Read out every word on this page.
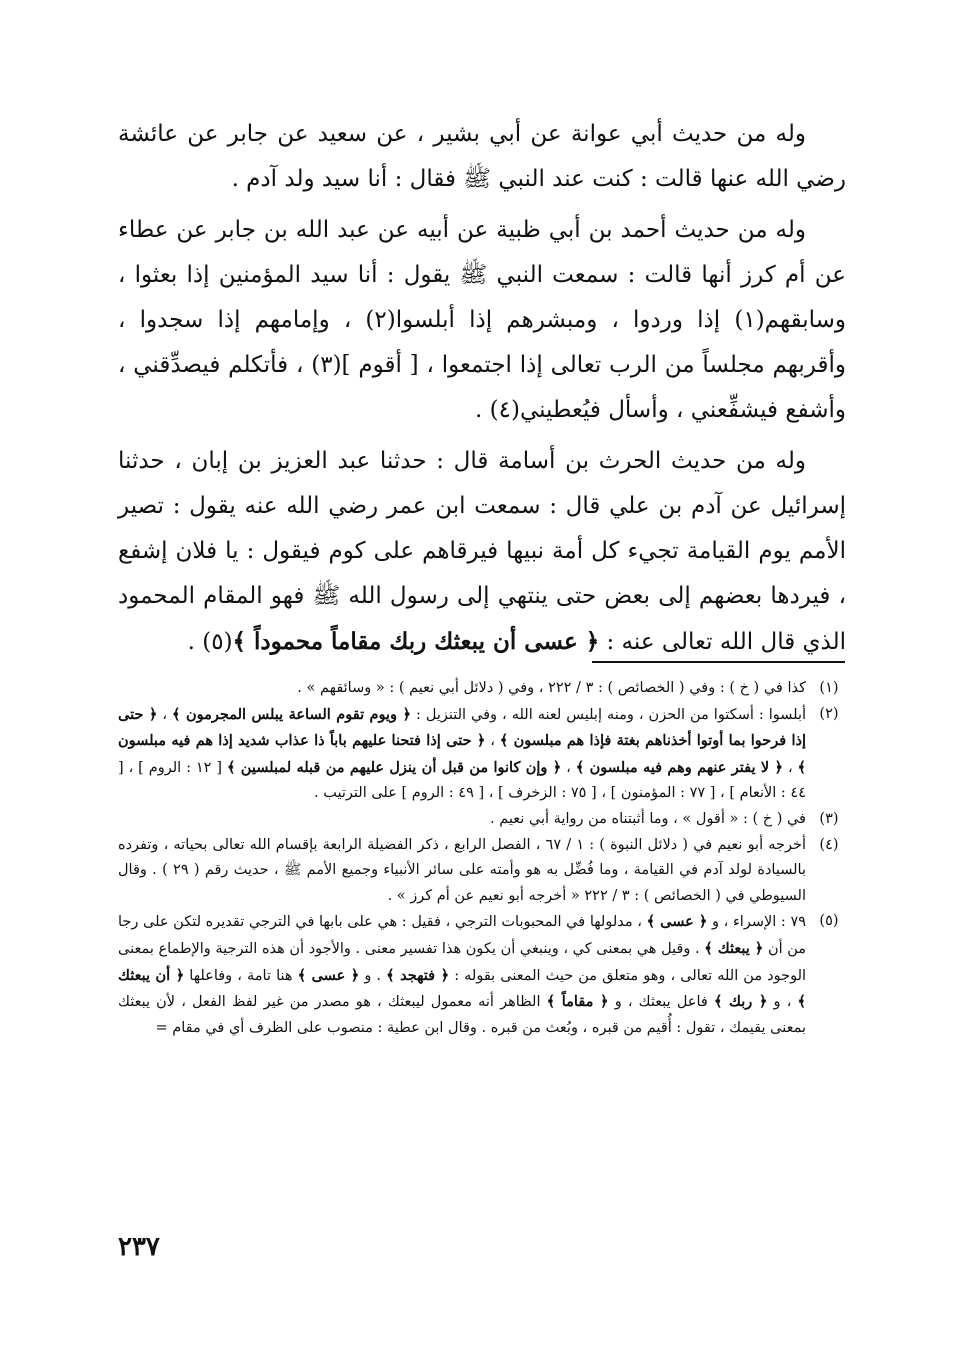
وله من حديث أبي عوانة عن أبي بشير ، عن سعيد عن جابر عن عائشة رضي الله عنها قالت : كنت عند النبي ﷺ فقال : أنا سيد ولد آدم .

وله من حديث أحمد بن أبي ظبية عن أبيه عن عبد الله بن جابر عن عطاء عن أم كرز أنها قالت : سمعت النبي ﷺ يقول : أنا سيد المؤمنين إذا بعثوا ، وسابقهم(١) إذا وردوا ، ومبشرهم إذا أبلسوا(٢) ، وإمامهم إذا سجدوا ، وأقربهم مجلساً من الرب تعالى إذا اجتمعوا ، [ أقوم ](٣) ، فأتكلم فيصدِّقني ، وأشفع فيشفِّعني ، وأسأل فيُعطيني(٤) .

وله من حديث الحرث بن أسامة قال : حدثنا عبد العزيز بن إبان ، حدثنا إسرائيل عن آدم بن علي قال : سمعت ابن عمر رضي الله عنه يقول : تصير الأمم يوم القيامة تجيء كل أمة نبيها فيرقاهم على كوم فيقول : يا فلان إشفع ، فيردها بعضهم إلى بعض حتى ينتهي إلى رسول الله ﷺ فهو المقام المحمود الذي قال الله تعالى عنه : ﴿ عسى أن يبعثك ربك مقاماً محموداً ﴾(٥) .

(١)
كذا في ( خ ) : وفي ( الخصائص ) : ٣ / ٢٢٢ ، وفي ( دلائل أبي نعيم ) : « وسائقهم » .
(٢)
أبلسوا : أسكتوا من الحزن ، ومنه إبليس لعنه الله ، وفي التنزيل : ﴿ ويوم تقوم الساعة يبلس المجرمون ﴾ ، ﴿ حتى إذا فرحوا بما أوتوا أخذناهم بغتة فإذا هم مبلسون ﴾ ، ﴿ حتى إذا فتحنا عليهم باباً ذا عذاب شديد إذا هم فيه مبلسون ﴾ ، ﴿ لا يفتر عنهم وهم فيه مبلسون ﴾ ، ﴿ وإن كانوا من قبل أن ينزل عليهم من قبله لمبلسين ﴾ [ ١٢ : الروم ] ، [ ٤٤ : الأنعام ] ، [ ٧٧ : المؤمنون ] ، [ ٧٥ : الزخرف ] ، [ ٤٩ : الروم ] على الترتيب .
(٣)
في ( خ ) : « أقول » ، وما أثبتناه من رواية أبي نعيم .
(٤)
أخرجه أبو نعيم في ( دلائل النبوة ) : ١ / ٦٧ ، الفصل الرابع ، ذكر الفضيلة الرابعة بإقسام الله تعالى بحياته ، وتفرده بالسيادة لولد آدم في القيامة ، وما فُضِّل به هو وأمته على سائر الأنبياء وجميع الأمم ﷺ ، حديث رقم ( ٢٩ ) . وقال السيوطي في ( الخصائص ) : ٣ / ٢٢٢ « أخرجه أبو نعيم عن أم كرز » .
(٥)
٧٩ : الإسراء ، و ﴿ عسى ﴾ ، مدلولها في المحبوبات الترجي ، فقيل : هي على بابها في الترجي تقديره لتكن على رجا من أن ﴿ يبعثك ﴾ . وقيل هي بمعنى كي ، وينبغي أن يكون هذا تفسير معنى . والأجود أن هذه الترجية والإطماع بمعنى الوجود من الله تعالى ، وهو متعلق من حيث المعنى بقوله : ﴿ فتهجد ﴾ . و ﴿ عسى ﴾ هنا تامة ، وفاعلها ﴿ أن يبعثك ﴾ ، و ﴿ ربك ﴾ فاعل يبعثك ، و ﴿ مقاماً ﴾ الظاهر أنه معمول ليبعثك ، هو مصدر من غير لفظ الفعل ، لأن يبعثك بمعنى يقيمك ، تقول : أُقيم من قبره ، وبُعث من قبره . وقال ابن عطية : منصوب على الظرف أي في مقام =
٢٣٧
